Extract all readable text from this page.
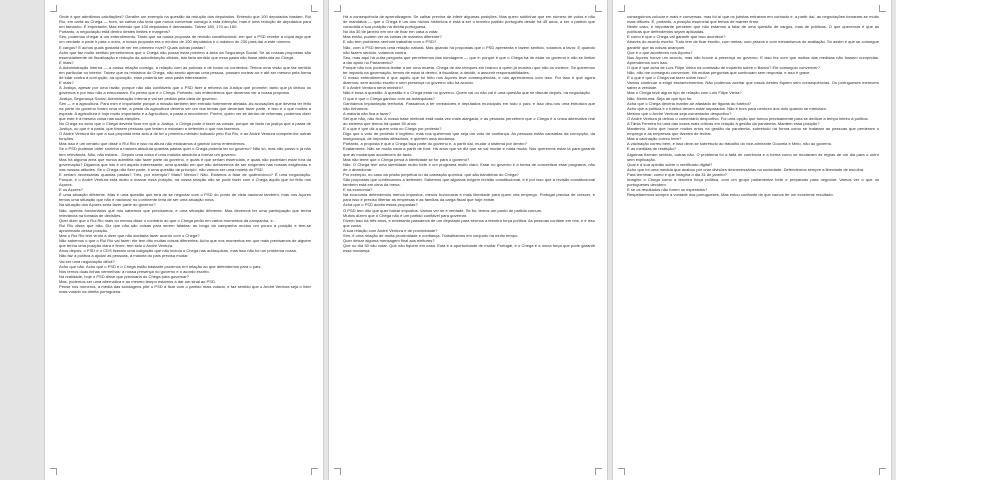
Onde é que admitimos calcifações? Geralhe um exemplo na questão da redução dos deputados. Entendo que 100 deputados bastam. Rui Rio, em carta ao Chega — bom, se calhar não teria que nunca conversar consigo a esta intenção, mas é uma redução de deputados para um tamanho. É importante. Mas entendo que 100 deputados é demasiado. Talvez 180, 170 ou 160.

Portanto, a negociação está dentro destes limites e margens?

Sim, podemos chegar a um entendimento. Tanto que na nossa proposta de revisão constitucional, em que o PSD recebe a cópia algo que um verdade a pode ir para o outro, a nossa proposta era o mínimo de 100 deputados e o máximo de 230 para daí a este número.

E cargos? E achos quais gostaria de ver em primeiro nível? Quais outras pastas?

Acho que faz muito sentido percebermos que o Chega não possa estar próximo à área da Segurança Social. Se as nossas propostas são essencialmente de fiscalização e redução da autodistorção oficiais, isto faria sentido que essa pasta não fosse atribuída ao Chega.

E mais?

A Administração Interna — a nossa relação consigo, a relação com as polícias e de todos os contextos. Temos uma visão que faz sentido em particular no interior. Talvez que os ministros do Chega, não sendo apenas uma pessoa, possam nortear-se e até ser mesmo pela forma de lutar contra a corrupção, na oposição, esse poderia ser uma pasta interessante.

E mais?

A Justiça, apesar por uma razão: porque não são confiáveis que o PSD fizer a reforma da Justiça que promete; tanto que já deixou os governos e por isso não a executaram. Eu penso que é o Chega. Portanto, nós entendemos que devemos ver a nossa proposta.

Justiça, Segurança Social, Administração Interna e vai ser pedida pela ideia de governo.

Sim — e a agricultura. Para mim é importante porque a missão também tem entrado fortemente afetada. As acusações que deveria ter feito na parte do governo foram uma crise, a pasta da agricultura deveria ser um dos temas que deveriam fazer parte, e isso é o que muitos a esperar. A agricultura é hoje muito importante e a Agricultura, a pasta a reconhecer. Porém, quero ver se dentro de reformas, podemos dizer que este é a mesma coisa nas suas eleições.

No Chega eu acho que o Chega deveria ficar em que a Justiça, o Chega pode ir fazer as coisas, porque de facto na justiça que a pasta de Justiça, ou que é a pasta, que fossem pessoas que teriam e estariam a defender o que nós fazemos.

O André Ventura diz que a sua proposta teria sido a de ter o primeiro-ministro indicado pelo Rui Rio, e ao André Ventura compete-lhe outras funções.

Mas isso é um cenário que disse o Rui Rio e isso na altura não estávamos a ganhar como entendemos.

Se o PSD pudesse obter sozinha a maioria absoluta quantas pastas quer o Chega poderia ter no governo? Não só, mas não posso e já não tem relevância. Não, não estava... Depois uma coisa é uma maioria absoluta a formar um governo.

Mas há alguma área que nunca admitiria não fazer parte do governo, e quais é que seriam essenciais, e quais não poderiam estar fora da governação? Digamos que isto é um aspeto interessante, uma questão em que não deixaremos de ser exigentes nas nossas exigências e nas nossas atitudes. Se o Chega não fizer parte, é uma questão de princípio, não vamos ser uma muleta do PSD.

E seriam necessárias quantas pastas? Três, por exemplo? Mais? Menos? Não. Estamos a falar de quatro/cinco? É uma negociação. Porque, e o André Ventura está muito a marcar essa posição, na nossa relação não se pode fazer com o Chega aquilo que foi feito nos Açores.

E os Açores?

É uma situação diferente. Mas é uma questão que terá de se negociar com o PSD do ponto de vista nacional também, mas nos Açores temos uma situação que não é nacional; no continente teria de ser uma situação nova.

Na situação dos Açores seria fazer parte do governo?

Não, apenas funcionários que nós sabemos que precisamos; é uma situação diferente. Mas devemos ter uma participação que tenha relevância na tomada de decisões.

Quer dizer que o Rui Rio mais ou menos disse o contrário ao que o Chega pediu em vários momentos da campanha, e...

Rui Rio disse que não. Diz que não são coisas para serem faladas; ao longo da campanha mudou um pouco a posição e tem-se aproximado dessa posição.

Mas o Rui Rio tem vindo a dizer que não aceitaria fazer acordo com o Chega?

Não sabemos o que o Rui Rio vai fazer; ele tem dito muitas coisas diferentes. Acho que nos momentos em que mais precisamos de alguém que tenha uma posição clara e firme, tem sido o André Ventura.

Anos depois, o PSD e o CDS fizeram uma coligação que não incluía o Chega nas autárquicas, mas isso não foi um problema nosso.

Não faz a política a ajudar as pessoas, a maioria do país precisa mudar.

Vai ser uma negociação difícil?

Acho que não. Acho que o PSD e o Chega estão bastante próximos em relação ao que defendemos para o país.

Nós temos duas linhas vermelhas: a nossa presença no governo e o acordo escrito.

Na realidade, hoje o PSD disse que precisaria do Chega para governar?

Mas, podemos ser uma alternativa e ao mesmo tempo estamos a dar um sinal ao PSD.

Pense nos números, a média das sondagens põe o PSD a ficar com o partido mais votado, e faz sentido que o André Ventura seja o líder mais votado na direita portuguesa.

Há a consequência de aprendizagem. Se calhar previna de inferir algumas posições. Mas quero sublinhar que em número de votos e não de mandatos — que o Chega é um dos nichos históricos e está a ser o terceiro partido português desde há 45 anos, a ser o partido que consolida a sua posição na direita portuguesa.

No dia 30 de janeiro em vez de ficar em casa a votar.

Mas então, podem ver as coisas de maneira diferente?

E não tem problema nenhum trabalhar com o PSD?

Não, com o PSD temos uma relação natural. Mas quando há propostas que o PSD apresenta e fazem sentido, votamos a favor. E quando não fazem sentido, votamos contra.

Seu, mas aqui há outra pergunta que percebemos das sondagens — que é: porque é que o Chega há de estar no governo e não se limitar a dar apoio no Parlamento?

Porque não nos podemos limitar a ser uma muleta. Chega de dar cheques em branco a quem já mostrou que não os merece. Se queremos ter impacto na governação, temos de estar lá dentro, a fiscalizar, a decidir, a assumir responsabilidades.

O nosso entendimento é que aquilo que foi feito nos Açores teve consequências, e nós aprendemos com isso. Por isso é que agora dizemos: sem acordo escrito e sem presença no governo não há acordo.

E o André Ventura seria ministro?

Não é essa a questão. A questão é o Chega estar no governo. Quem vai ou não vai é uma questão que se discute depois, na negociação.

O que é que o Chega ganhou com as autárquicas?

Ganhámos implantação territorial. Passámos a ter vereadores e deputados municipais em todo o país, e isso deu-nos uma estrutura que não tínhamos.

A maioria não fica a fazer?

Sei que não, não fica. A nossa base eleitoral está cada vez mais alargada, e as pessoas percebem que o Chega é a única alternativa real ao sistema que temos há quase 50 anos.

E o que é que diz a quem vota no Chega por protesto?

Digo que o voto de protesto é legítimo, mas nós queremos que seja um voto de confiança. As pessoas estão cansadas da corrupção, da insegurança, de impostos altíssimos, e querem uma mudança.

Portanto, a proposta é que o Chega faça parte do governo e, a partir daí, mudar o sistema por dentro?

Exatamente. Não se muda nada a partir de fora. Há anos que se diz que se vai mudar e nada muda. Nós queremos estar lá para garantir que as mudanças acontecem de facto.

Mas não teme que o Chega perca a identidade se for para o governo?

Não. O Chega tem uma identidade muito forte e um programa muito claro. Estar no governo é a forma de concretizar esse programa, não de o abandonar.

Por exemplo, no caso da prisão perpétua ou da castração química, que são bandeiras do Chega?

São propostas que continuamos a defender. Sabemos que algumas exigem revisão constitucional, e é por isso que a revisão constitucional também está em cima da mesa.

E na economia?

Na economia defendemos menos impostos, menos burocracia e mais liberdade para quem cria emprego. Portugal precisa de crescer, e para isso é preciso libertar as empresas e as famílias da carga fiscal que hoje existe.

Acha que o PSD aceita essas propostas?

O PSD tem dito que quer baixar impostos. Vamos ver se é verdade. Se for, temos um ponto de partida comum.

Muitos dizem que o Chega não é um partido confiável para governar.

Dizem isso há três anos, e entretanto passámos de um deputado para sermos a terceira força política. As pessoas confiam em nós, e é isso que conta.

A sua relação com André Ventura é de proximidade?

Sim, é uma relação de muita proximidade e confiança. Trabalhamos em conjunto há muito tempo.

Quer deixar alguma mensagem final aos eleitores?

Que no dia 30 vão votar. Que não fiquem em casa. Esta é a oportunidade de mudar Portugal, e o Chega é a única força que pode garantir essa mudança.

conseguimos colocar e mais e conversas, mas foi aí que os juristas entraram em contacto e, a partir daí, as negociações tornaram-se muito mais difíceis. É, portanto, a posição essencial que temos de manter firme.

Neste caso, é importante perceber que não estamos a falar de uma questão de cargos, mas de políticas. O que queremos é que as políticas que defendemos sejam aplicadas.

E como é que o Chega vai garantir que isso acontece?

Através do acordo escrito. Tudo tem de ficar escrito, com metas, com prazos e com mecanismos de avaliação. Só assim é que se consegue garantir que as coisas avançam.

Que é o que aconteceu nos Açores?

Nos Açores houve um acordo, mas não houve a presença no governo. E isso fez com que muitas das medidas não fossem cumpridas. Aprendemos com isso.

O que é que acha de Luís Filipe Vieira na comissão de inquérito sobre o Banco? Ele conseguiu convencer?

Não, não me conseguiu convencer. Há muitas perguntas que continuam sem resposta, e isso é grave.

E o que é que o Chega vai fazer sobre isso?

Vamos continuar a exigir esclarecimentos. Não podemos aceitar que casos destes fiquem sem consequências. Os portugueses merecem saber a verdade.

Mas o Chega teve algum tipo de relação com Luís Filipe Vieira?

Não. Nenhuma. Seja de que tipo for.

Acha que o Chega deveria manter-se afastado de figuras do futebol?

Acho que a política e o futebol devem estar separados. Não é bom para nenhum dos dois quando se misturam.

Mesmo que o André Ventura seja comentador desportivo?

O André Ventura já deixou o comentário desportivo. Foi uma opção que tomou precisamente para se dedicar a tempo inteiro à política.

A Tânia Ferreira foi uma das vozes mais críticas em relação à gestão da pandemia. Mantém essa posição?

Mantenho. Acho que houve muitos erros na gestão da pandemia, sobretudo na forma como se trataram as pessoas que perderam o emprego e as empresas que tiveram de fechar.

Mas a vacinação correu bem?

A vacinação correu bem, e isso deve-se sobretudo ao trabalho do vice-almirante Gouveia e Melo, não ao governo.

E as medidas de restrição?

Algumas fizeram sentido, outras não. O problema foi a falta de coerência e a forma como se mudavam as regras de um dia para o outro sem explicação.

Qual é a sua opinião sobre o certificado digital?

Acho que foi uma medida que acabou por criar divisões desnecessárias na sociedade. Defendemos sempre a liberdade de escolha.

Para terminar: como é que imagina o dia 31 de janeiro?

Imagino o Chega como a terceira força política, com um grupo parlamentar forte e preparado para negociar. Vamos ver o que os portugueses decidem.

E se os resultados não forem os esperados?

Respeitaremos sempre a vontade dos portugueses. Mas estou confiante de que vamos ter um excelente resultado.
